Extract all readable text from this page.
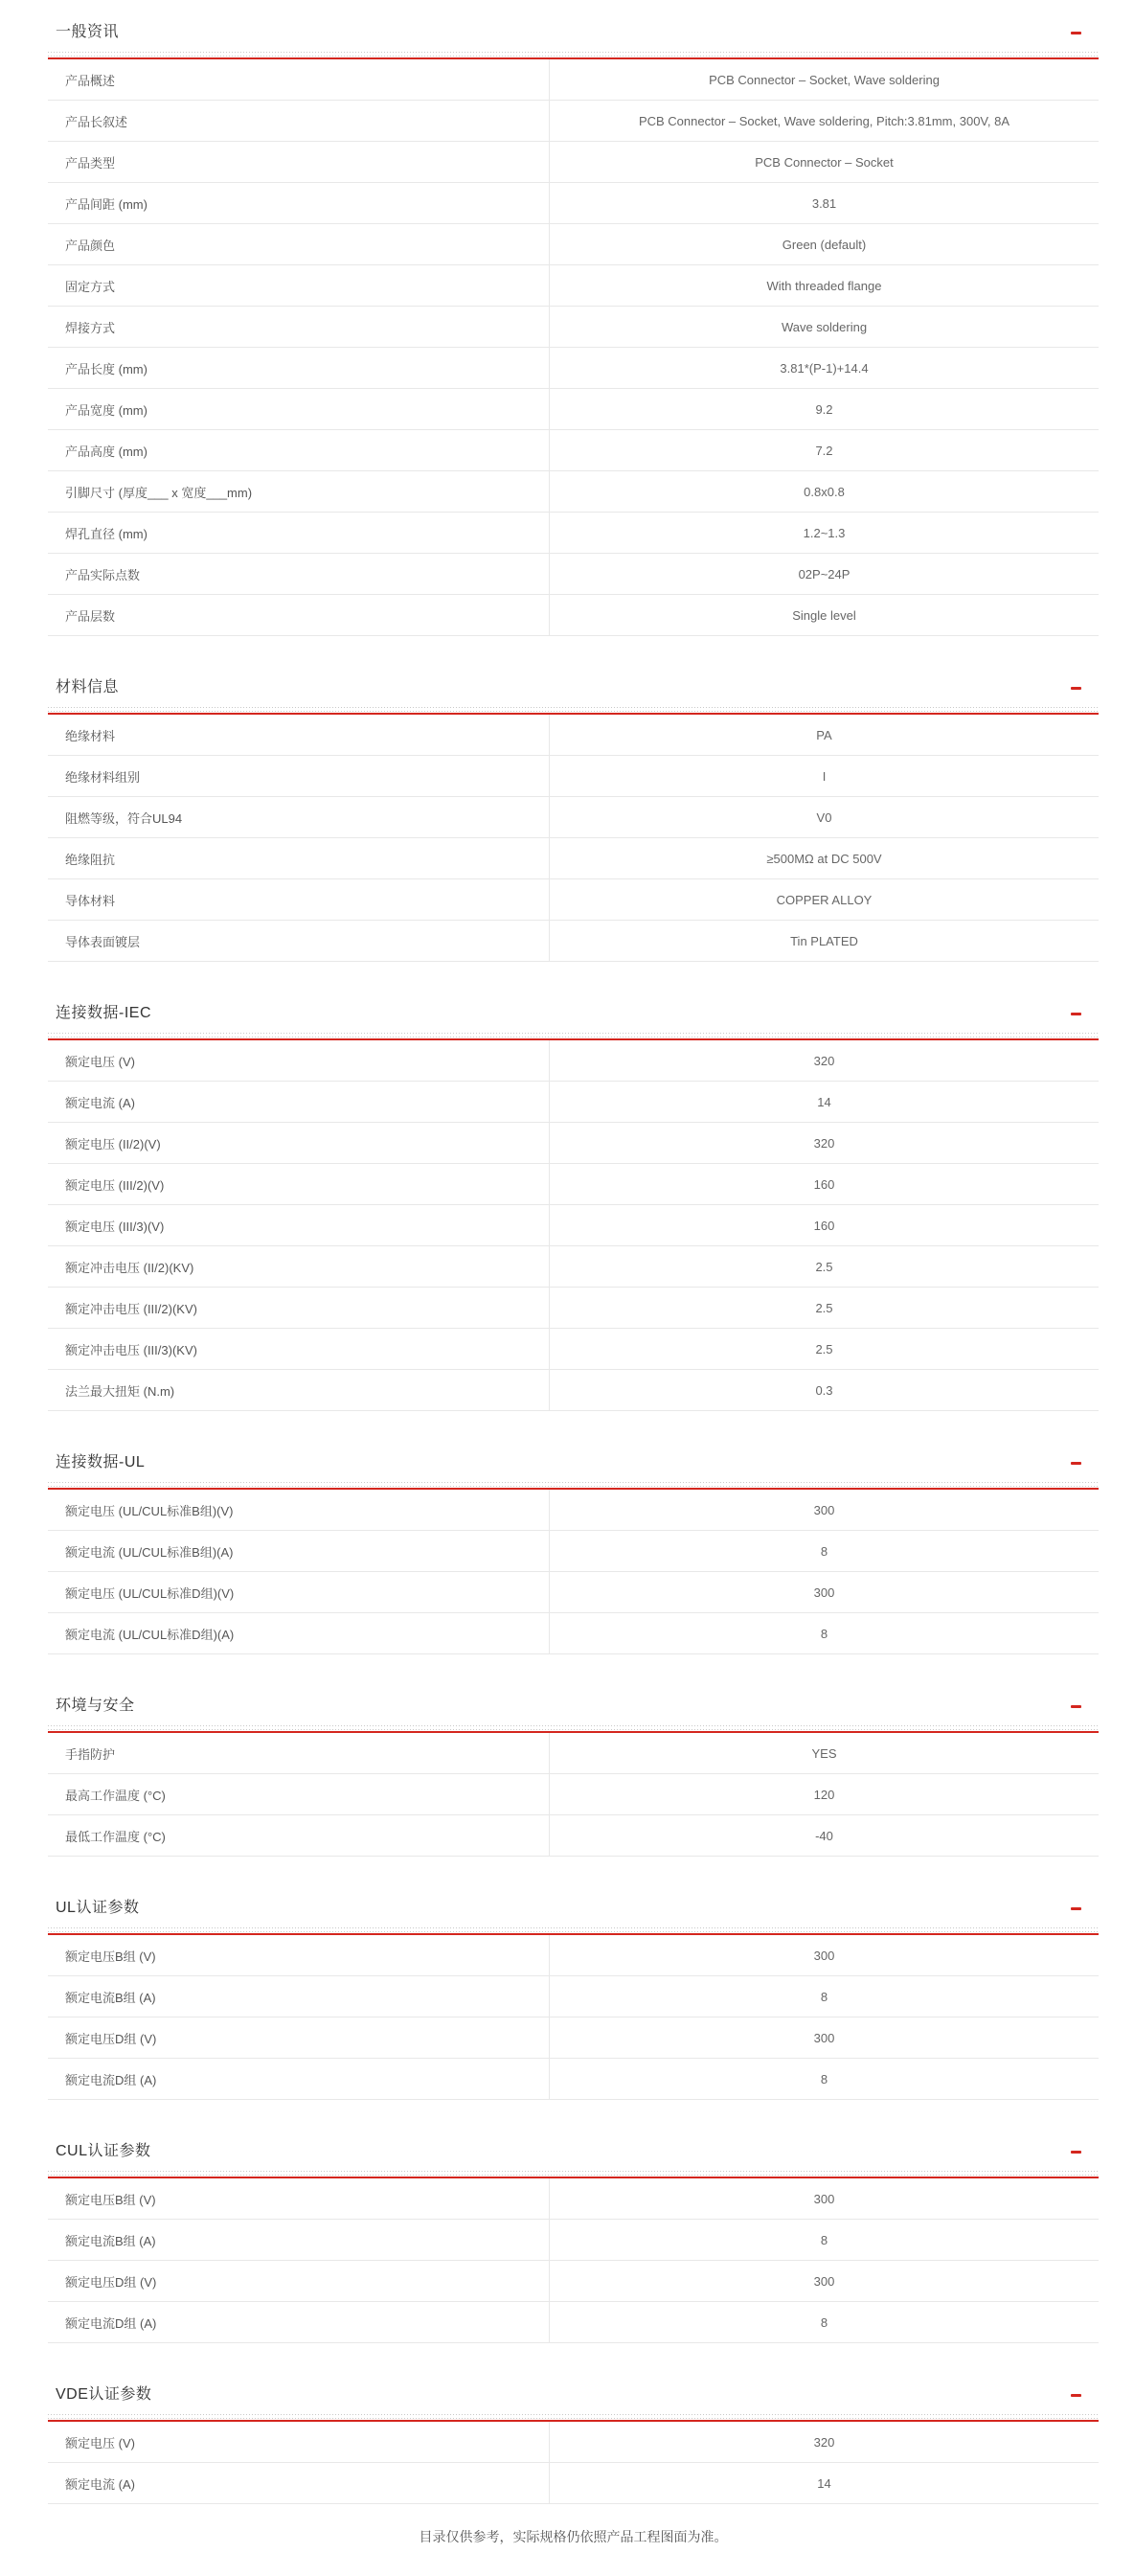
一般资讯
产品概述	PCB Connector – Socket, Wave soldering
产品长叙述	PCB Connector – Socket, Wave soldering, Pitch:3.81mm, 300V, 8A
产品类型	PCB Connector – Socket
产品间距 (mm)	3.81
产品颜色	Green (default)
固定方式	With threaded flange
焊接方式	Wave soldering
产品长度 (mm)	3.81*(P-1)+14.4
产品宽度 (mm)	9.2
产品高度 (mm)	7.2
引脚尺寸 (厚度___ x 宽度___mm)	0.8x0.8
焊孔直径 (mm)	1.2~1.3
产品实际点数	02P~24P
产品层数	Single level
材料信息
绝缘材料	PA
绝缘材料组别	I
阻燃等级，符合UL94	V0
绝缘阻抗	≥500MΩ at DC 500V
导体材料	COPPER ALLOY
导体表面镀层	Tin PLATED
连接数据-IEC
额定电压 (V)	320
额定电流 (A)	14
额定电压 (II/2)(V)	320
额定电压 (III/2)(V)	160
额定电压 (III/3)(V)	160
额定冲击电压 (II/2)(KV)	2.5
额定冲击电压 (III/2)(KV)	2.5
额定冲击电压 (III/3)(KV)	2.5
法兰最大扭矩 (N.m)	0.3
连接数据-UL
额定电压 (UL/CUL标准B组)(V)	300
额定电流 (UL/CUL标准B组)(A)	8
额定电压 (UL/CUL标准D组)(V)	300
额定电流 (UL/CUL标准D组)(A)	8
环境与安全
手指防护	YES
最高工作温度 (°C)	120
最低工作温度 (°C)	-40
UL认证参数
额定电压B组 (V)	300
额定电流B组 (A)	8
额定电压D组 (V)	300
额定电流D组 (A)	8
CUL认证参数
额定电压B组 (V)	300
额定电流B组 (A)	8
额定电压D组 (V)	300
额定电流D组 (A)	8
VDE认证参数
额定电压 (V)	320
额定电流 (A)	14
目录仅供参考，实际规格仍依照产品工程图面为准。
